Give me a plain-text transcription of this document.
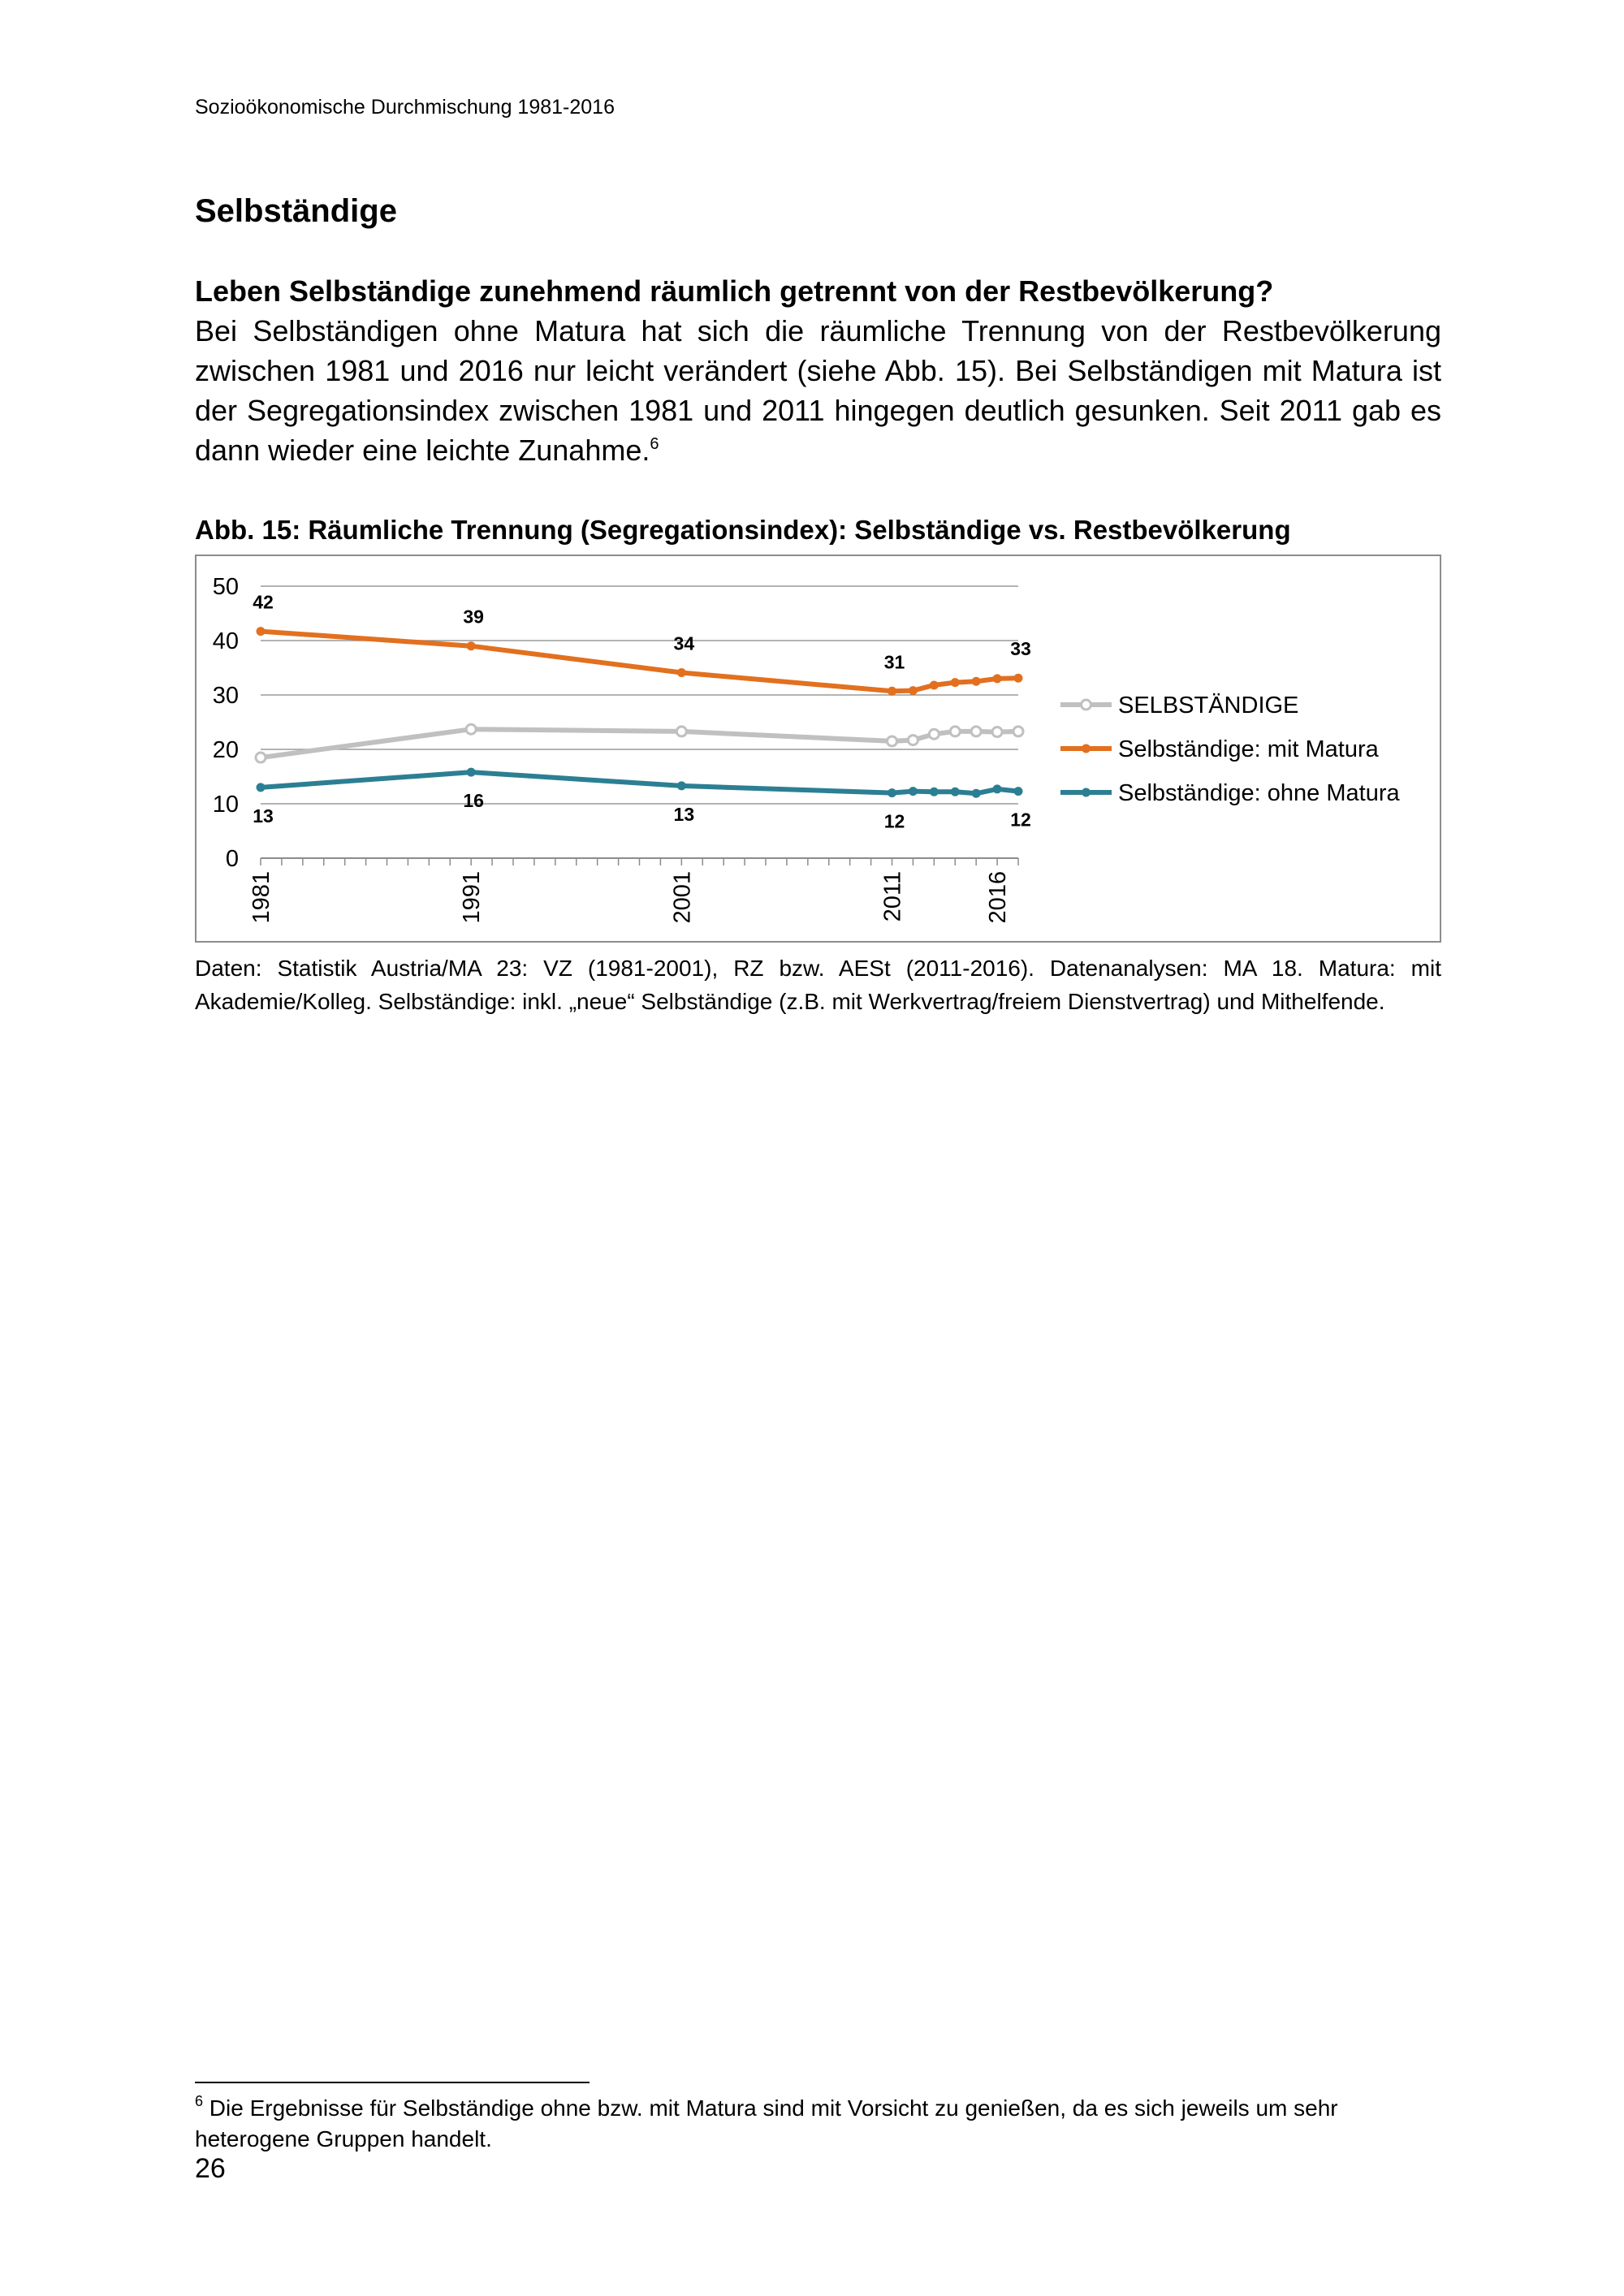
Sozioökonomische Durchmischung 1981-2016
Selbständige
Leben Selbständige zunehmend räumlich getrennt von der Restbevölkerung?
Bei Selbständigen ohne Matura hat sich die räumliche Trennung von der Restbevölkerung zwischen 1981 und 2016 nur leicht verändert (siehe Abb. 15). Bei Selbständigen mit Matura ist der Segregationsindex zwischen 1981 und 2011 hingegen deutlich gesunken. Seit 2011 gab es dann wieder eine leichte Zunahme.$^6$
Abb. 15: Räumliche Trennung (Segregationsindex): Selbständige vs. Restbevölkerung
0
10
20
30
40
50
1981	1991	2001	2011	2016
42
39
34
31
33
13
16
13	12	12
SELBSTÄNDIGE
Selbständige: mit Matura
Selbständige: ohne Matura
Daten: Statistik Austria/MA 23: VZ (1981-2001), RZ bzw. AESt (2011-2016). Datenanalysen: MA 18. Matura: mit Akademie/Kolleg. Selbständige: inkl. „neue“ Selbständige (z.B. mit Werkvertrag/freiem Dienstvertrag) und Mithelfende.
$^6$ Die Ergebnisse für Selbständige ohne bzw. mit Matura sind mit Vorsicht zu genießen, da es sich jeweils um sehr heterogene Gruppen handelt.
26
